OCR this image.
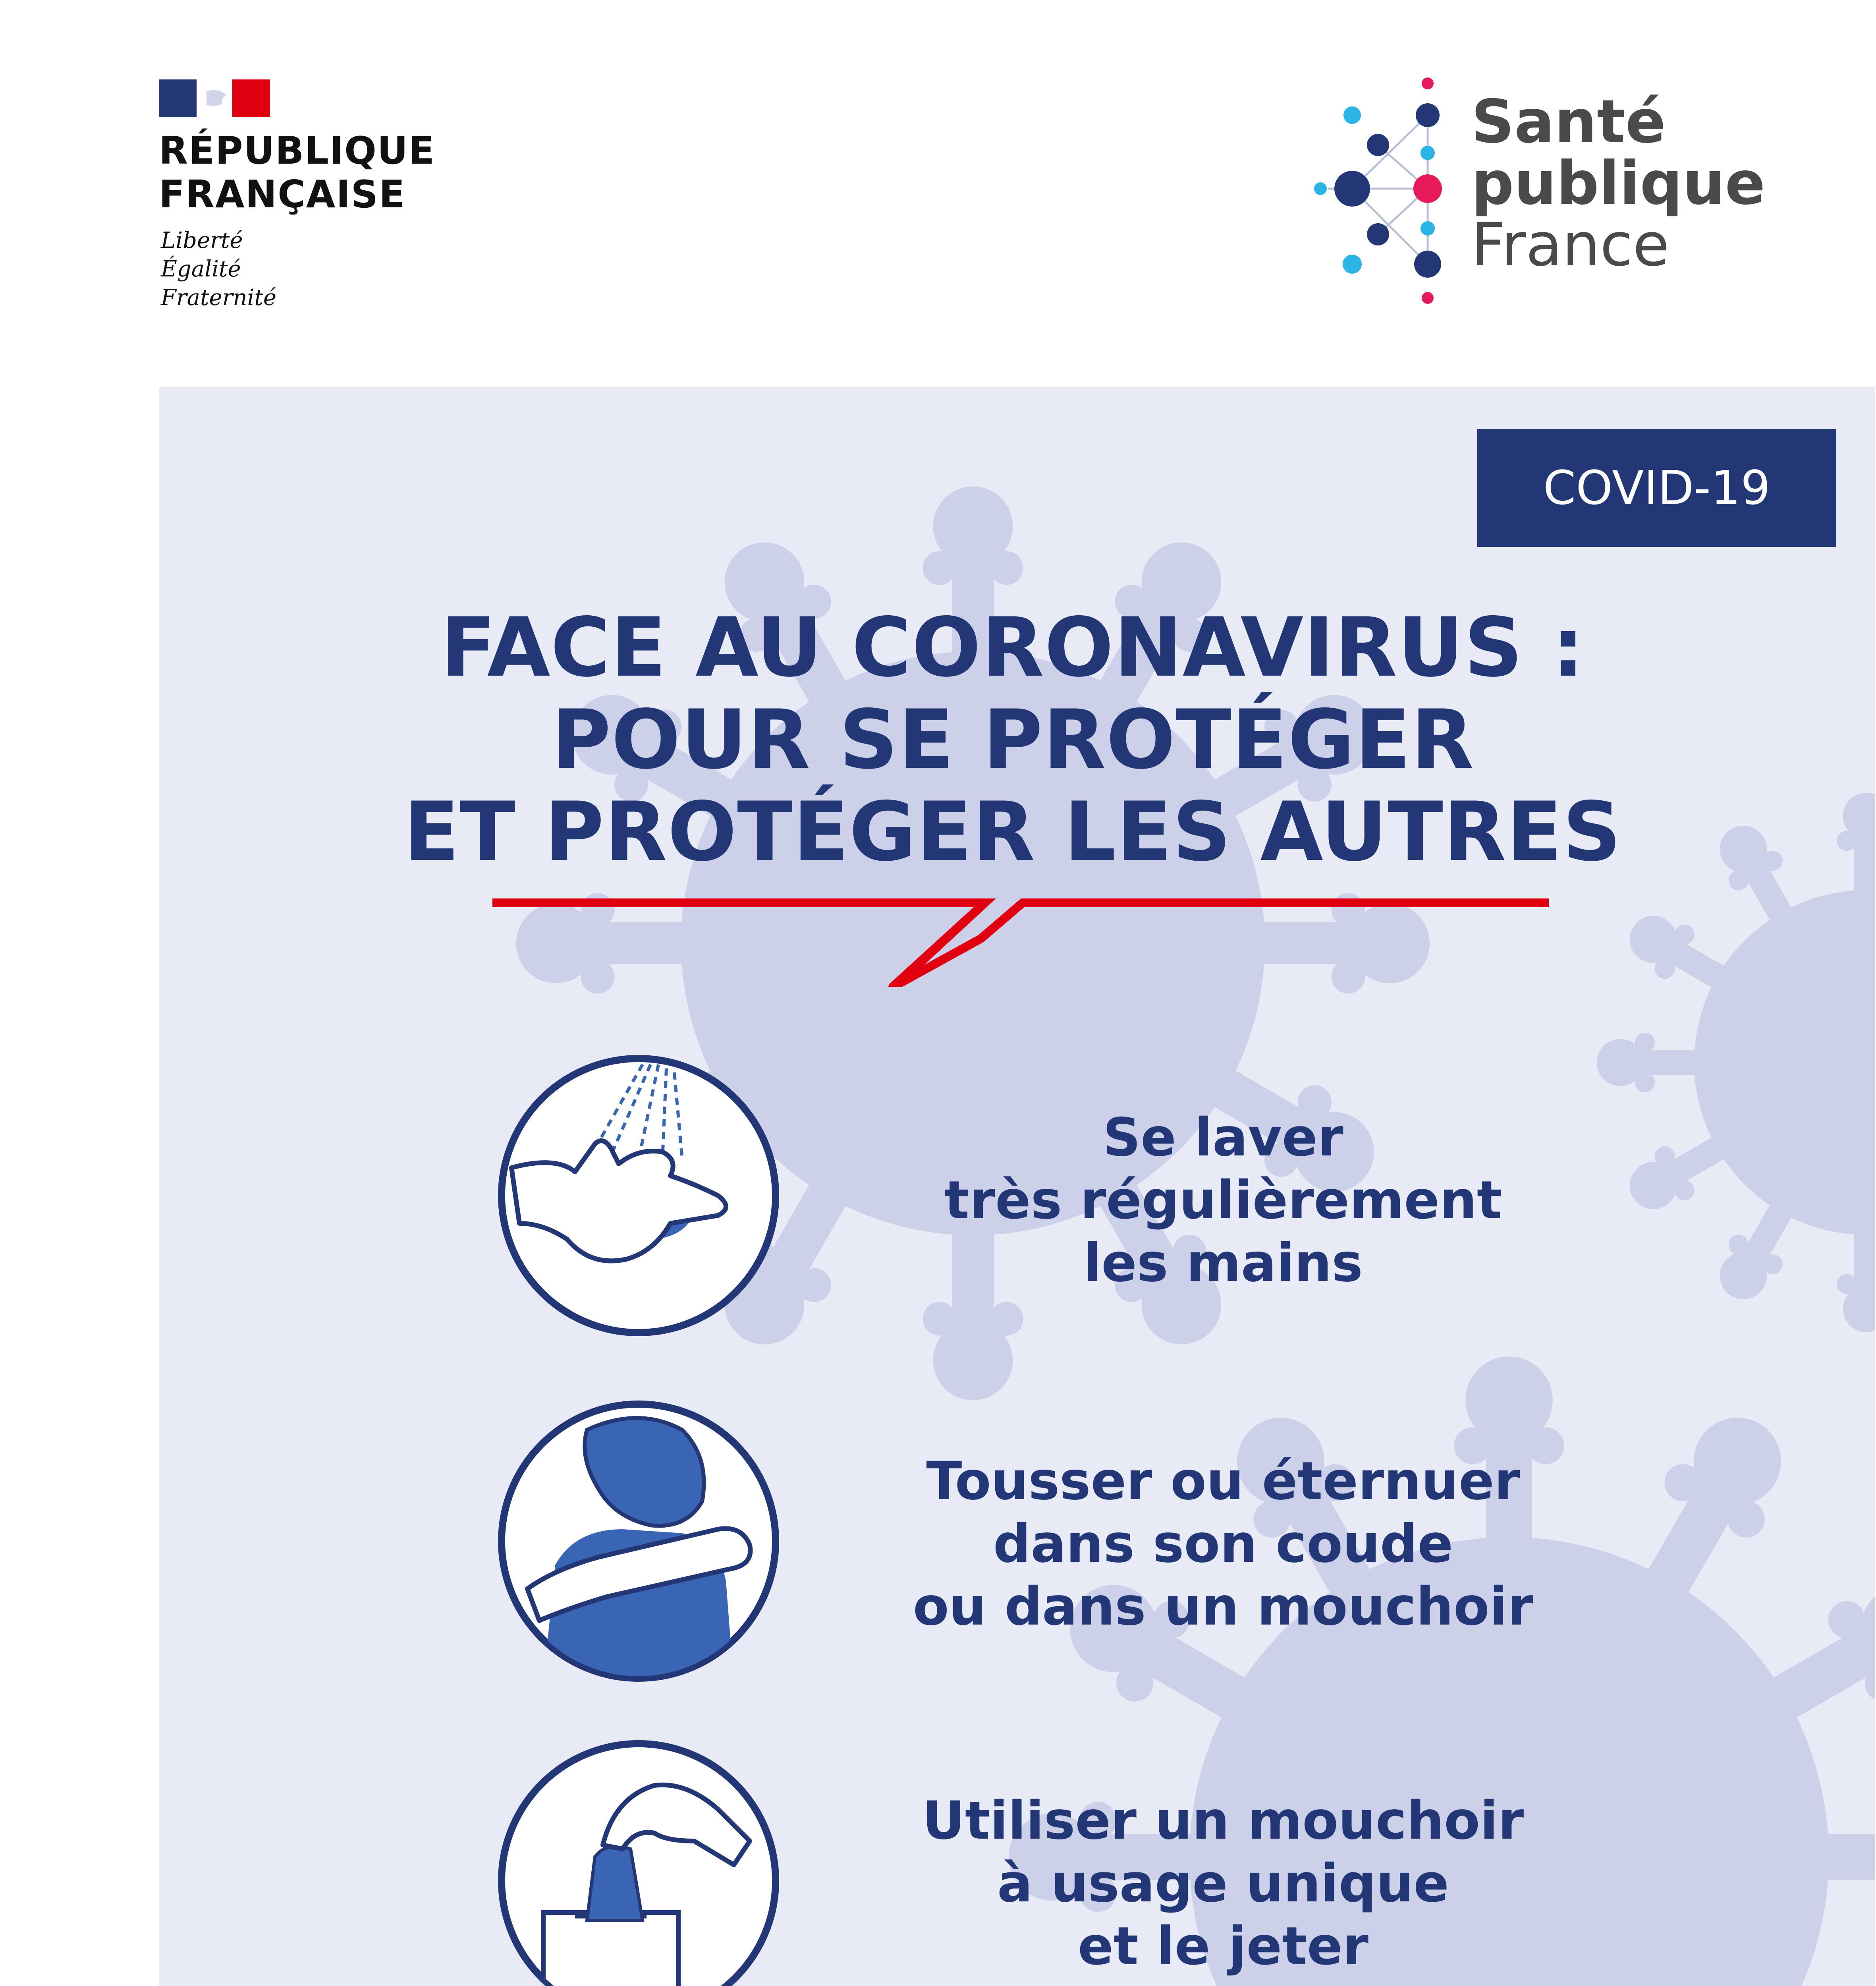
RÉPUBLIQUE
FRANÇAISE
Liberté
Égalité
Fraternité
Santé
publique
France
COVID-19
FACE AU CORONAVIRUS :
POUR SE PROTÉGER
ET PROTÉGER LES AUTRES
Se laver
très régulièrement
les mains
Tousser ou éternuer
dans son coude
ou dans un mouchoir
Utiliser un mouchoir
à usage unique
et le jeter
